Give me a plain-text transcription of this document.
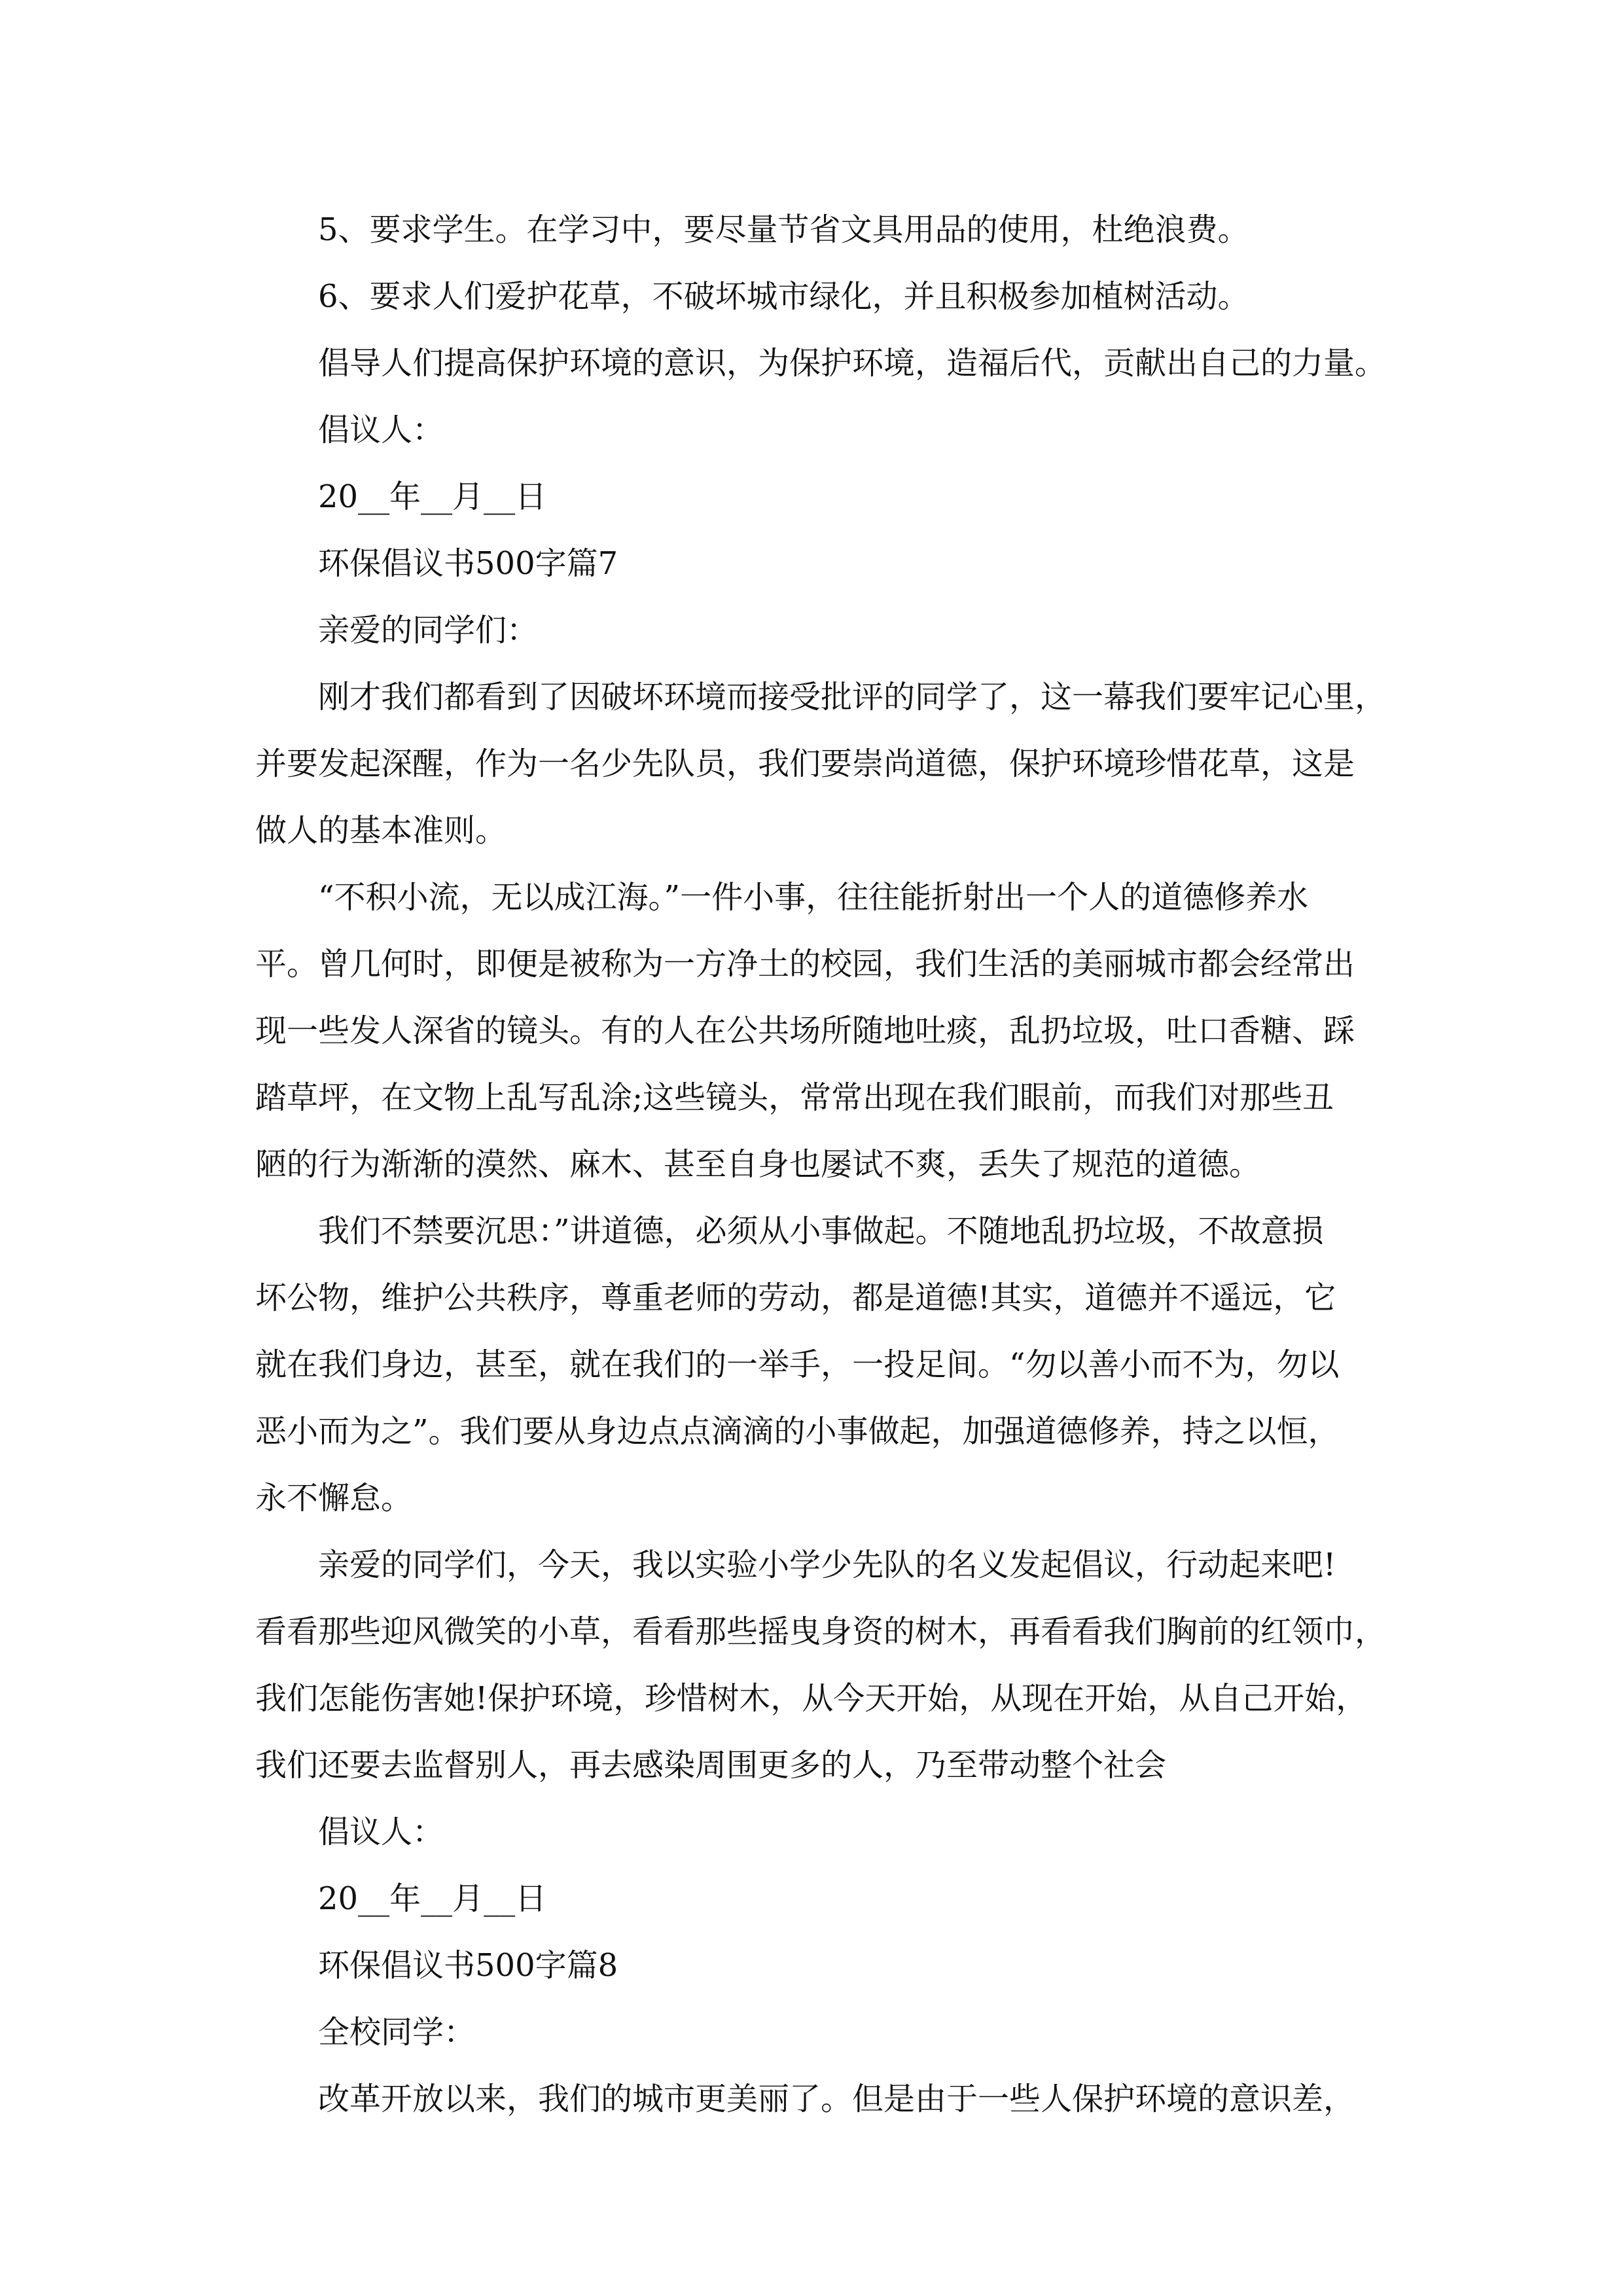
5、要求学生。在学习中，要尽量节省文具用品的使用，杜绝浪费。
6、要求人们爱护花草，不破坏城市绿化，并且积极参加植树活动。
倡导人们提高保护环境的意识，为保护环境，造福后代，贡献出自己的力量。
倡议人：
20__年__月__日
环保倡议书500字篇7
亲爱的同学们：
刚才我们都看到了因破坏环境而接受批评的同学了，这一幕我们要牢记心里，
并要发起深醒，作为一名少先队员，我们要崇尚道德，保护环境珍惜花草，这是
做人的基本准则。
“不积小流，无以成江海。”一件小事，往往能折射出一个人的道德修养水
平。曾几何时，即便是被称为一方净土的校园，我们生活的美丽城市都会经常出
现一些发人深省的镜头。有的人在公共场所随地吐痰，乱扔垃圾，吐口香糖、踩
踏草坪，在文物上乱写乱涂;这些镜头，常常出现在我们眼前，而我们对那些丑
陋的行为渐渐的漠然、麻木、甚至自身也屡试不爽，丢失了规范的道德。
我们不禁要沉思：”讲道德，必须从小事做起。不随地乱扔垃圾，不故意损
坏公物，维护公共秩序，尊重老师的劳动，都是道德!其实，道德并不遥远，它
就在我们身边，甚至，就在我们的一举手，一投足间。“勿以善小而不为，勿以
恶小而为之”。我们要从身边点点滴滴的小事做起，加强道德修养，持之以恒，
永不懈怠。
亲爱的同学们，今天，我以实验小学少先队的名义发起倡议，行动起来吧!
看看那些迎风微笑的小草，看看那些摇曳身资的树木，再看看我们胸前的红领巾，
我们怎能伤害她!保护环境，珍惜树木，从今天开始，从现在开始，从自己开始，
我们还要去监督别人，再去感染周围更多的人，乃至带动整个社会
倡议人：
20__年__月__日
环保倡议书500字篇8
全校同学：
改革开放以来，我们的城市更美丽了。但是由于一些人保护环境的意识差，
